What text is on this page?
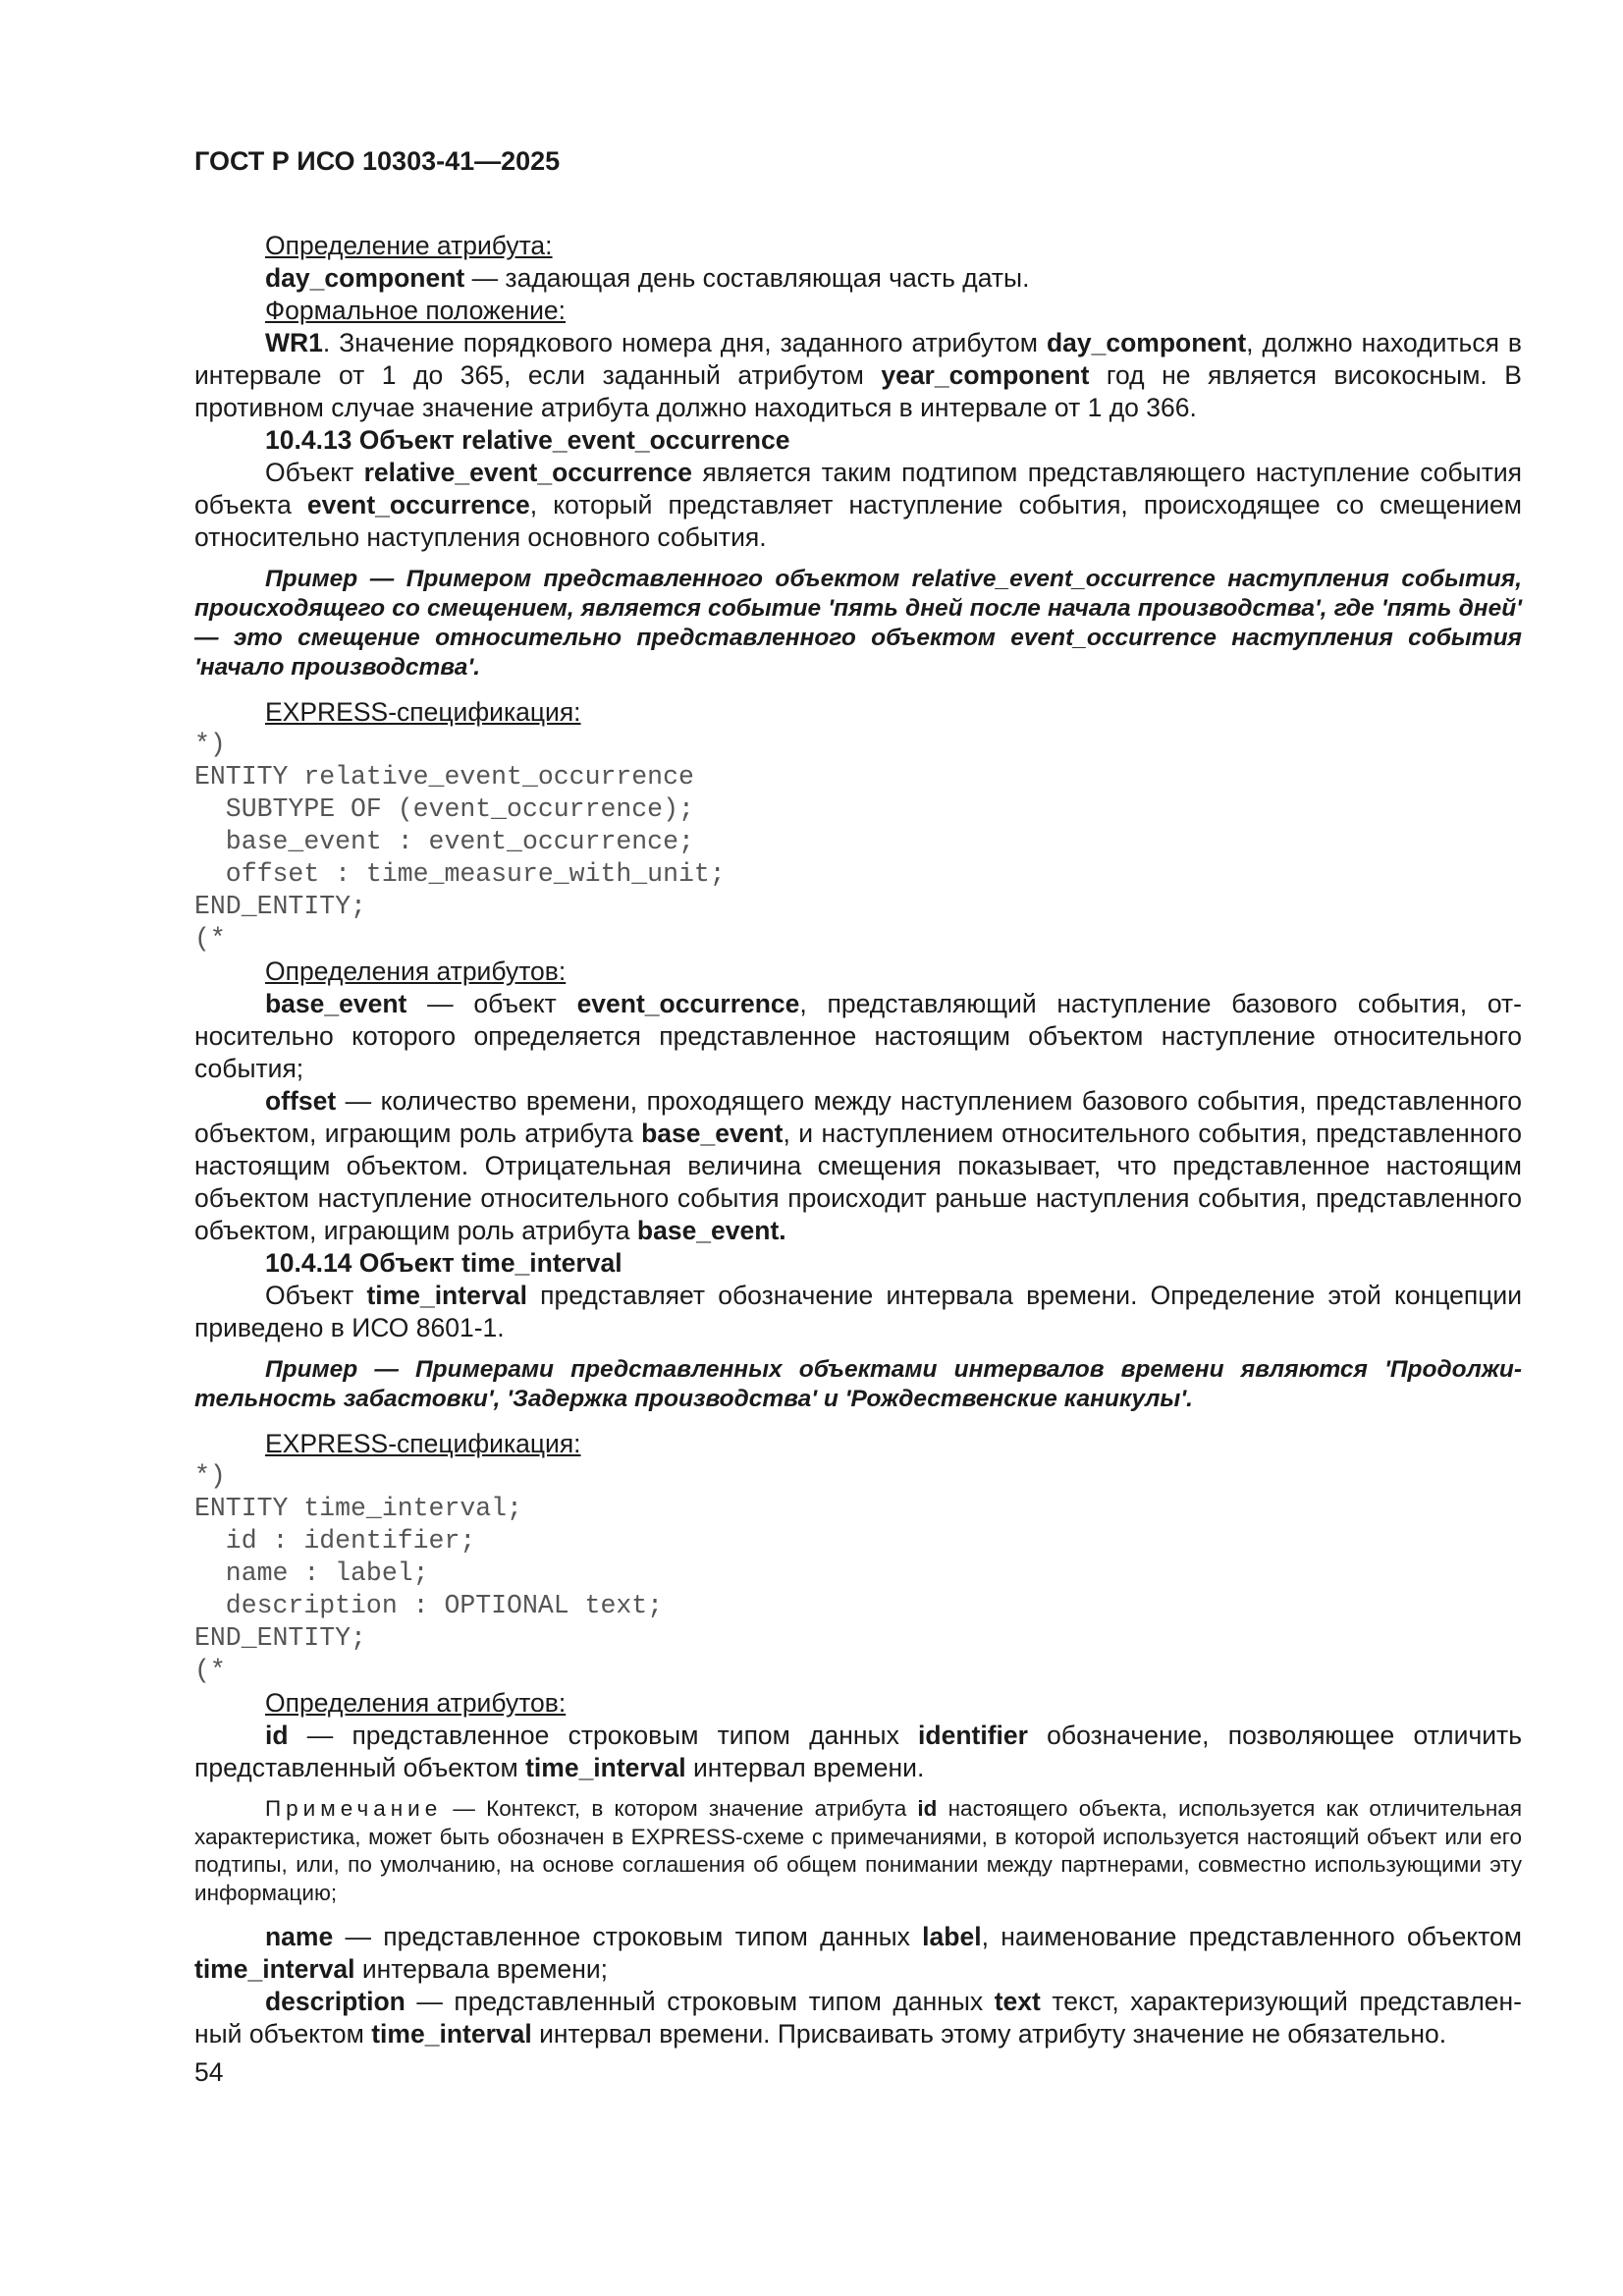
ГОСТ Р ИСО 10303-41—2025

Определение атрибута:

day_component — задающая день составляющая часть даты.

Формальное положение:

WR1. Значение порядкового номера дня, заданного атрибутом day_component, должно находиться в интервале от 1 до 365, если заданный атрибутом year_component год не является високосным. В противном случае значение атрибута должно находиться в интервале от 1 до 366.

10.4.13 Объект relative_event_occurrence

Объект relative_event_occurrence является таким подтипом представляющего наступление события объекта event_occurrence, который представляет наступление события, происходящее со смещением относительно наступления основного события.

Пример — Примером представленного объектом relative_event_occurrence наступления события, происходящего со смещением, является событие 'пять дней после начала производства', где 'пять дней' — это смещение относительно представленного объектом event_occurrence наступления события 'начало производства'.

EXPRESS-спецификация:

*)
ENTITY relative_event_occurrence
SUBTYPE OF (event_occurrence);
base_event : event_occurrence;
offset : time_measure_with_unit;
END_ENTITY;
(*

Определения атрибутов:

base_event — объект event_occurrence, представляющий наступление базового события, относительно которого определяется представленное настоящим объектом наступление относительного события;

offset — количество времени, проходящего между наступлением базового события, представленного объектом, играющим роль атрибута base_event, и наступлением относительного события, представленного настоящим объектом. Отрицательная величина смещения показывает, что представленное настоящим объектом наступление относительного события происходит раньше наступления события, представленного объектом, играющим роль атрибута base_event.

10.4.14 Объект time_interval

Объект time_interval представляет обозначение интервала времени. Определение этой концепции приведено в ИСО 8601-1.

Пример — Примерами представленных объектами интервалов времени являются 'Продолжительность забастовки', 'Задержка производства' и 'Рождественские каникулы'.

EXPRESS-спецификация:

*)
ENTITY time_interval;
id : identifier;
name : label;
description : OPTIONAL text;
END_ENTITY;
(*

Определения атрибутов:

id — представленное строковым типом данных identifier обозначение, позволяющее отличить представленный объектом time_interval интервал времени.

Примечание — Контекст, в котором значение атрибута id настоящего объекта, используется как отличительная характеристика, может быть обозначен в EXPRESS-схеме с примечаниями, в которой используется настоящий объект или его подтипы, или, по умолчанию, на основе соглашения об общем понимании между партнерами, совместно использующими эту информацию;

name — представленное строковым типом данных label, наименование представленного объектом time_interval интервала времени;

description — представленный строковым типом данных text текст, характеризующий представленный объектом time_interval интервал времени. Присваивать этому атрибуту значение не обязательно.

54
